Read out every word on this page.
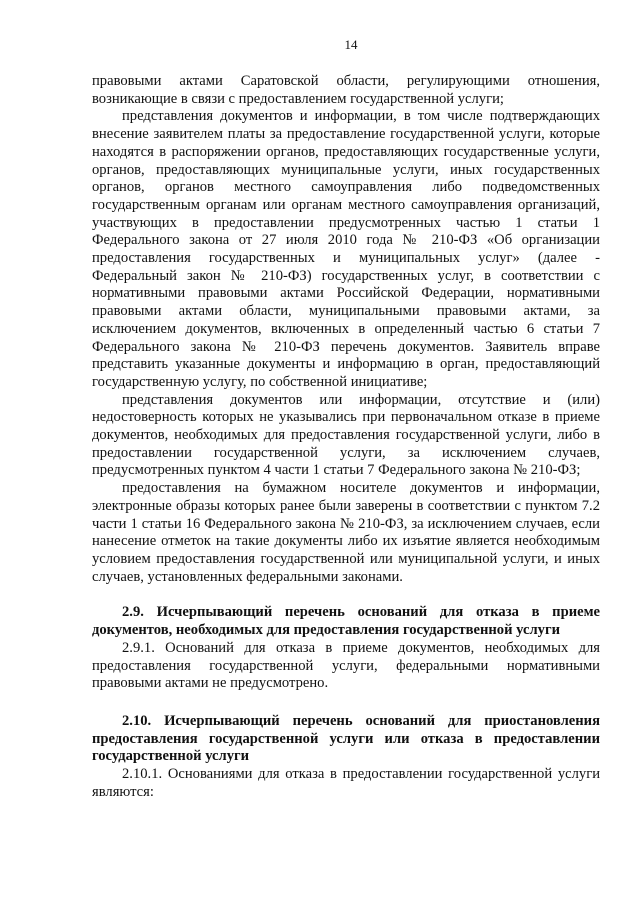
14

правовыми актами Саратовской области, регулирующими отношения, возникающие в связи с предоставлением государственной услуги;

представления документов и информации, в том числе подтверждающих внесение заявителем платы за предоставление государственной услуги, которые находятся в распоряжении органов, предоставляющих государственные услуги, органов, предоставляющих муниципальные услуги, иных государственных органов, органов местного самоуправления либо подведомственных государственным органам или органам местного самоуправления организаций, участвующих в предоставлении предусмотренных частью 1 статьи 1 Федерального закона от 27 июля 2010 года № 210-ФЗ «Об организации предоставления государственных и муниципальных услуг» (далее - Федеральный закон № 210-ФЗ) государственных услуг, в соответствии с нормативными правовыми актами Российской Федерации, нормативными правовыми актами области, муниципальными правовыми актами, за исключением документов, включенных в определенный частью 6 статьи 7 Федерального закона № 210-ФЗ перечень документов. Заявитель вправе представить указанные документы и информацию в орган, предоставляющий государственную услугу, по собственной инициативе;

представления документов или информации, отсутствие и (или) недостоверность которых не указывались при первоначальном отказе в приеме документов, необходимых для предоставления государственной услуги, либо в предоставлении государственной услуги, за исключением случаев, предусмотренных пунктом 4 части 1 статьи 7 Федерального закона № 210-ФЗ;

предоставления на бумажном носителе документов и информации, электронные образы которых ранее были заверены в соответствии с пунктом 7.2 части 1 статьи 16 Федерального закона № 210-ФЗ, за исключением случаев, если нанесение отметок на такие документы либо их изъятие является необходимым условием предоставления государственной или муниципальной услуги, и иных случаев, установленных федеральными законами.

2.9. Исчерпывающий перечень оснований для отказа в приеме документов, необходимых для предоставления государственной услуги

2.9.1. Оснований для отказа в приеме документов, необходимых для предоставления государственной услуги, федеральными нормативными правовыми актами не предусмотрено.

2.10. Исчерпывающий перечень оснований для приостановления предоставления государственной услуги или отказа в предоставлении государственной услуги

2.10.1. Основаниями для отказа в предоставлении государственной услуги являются:
